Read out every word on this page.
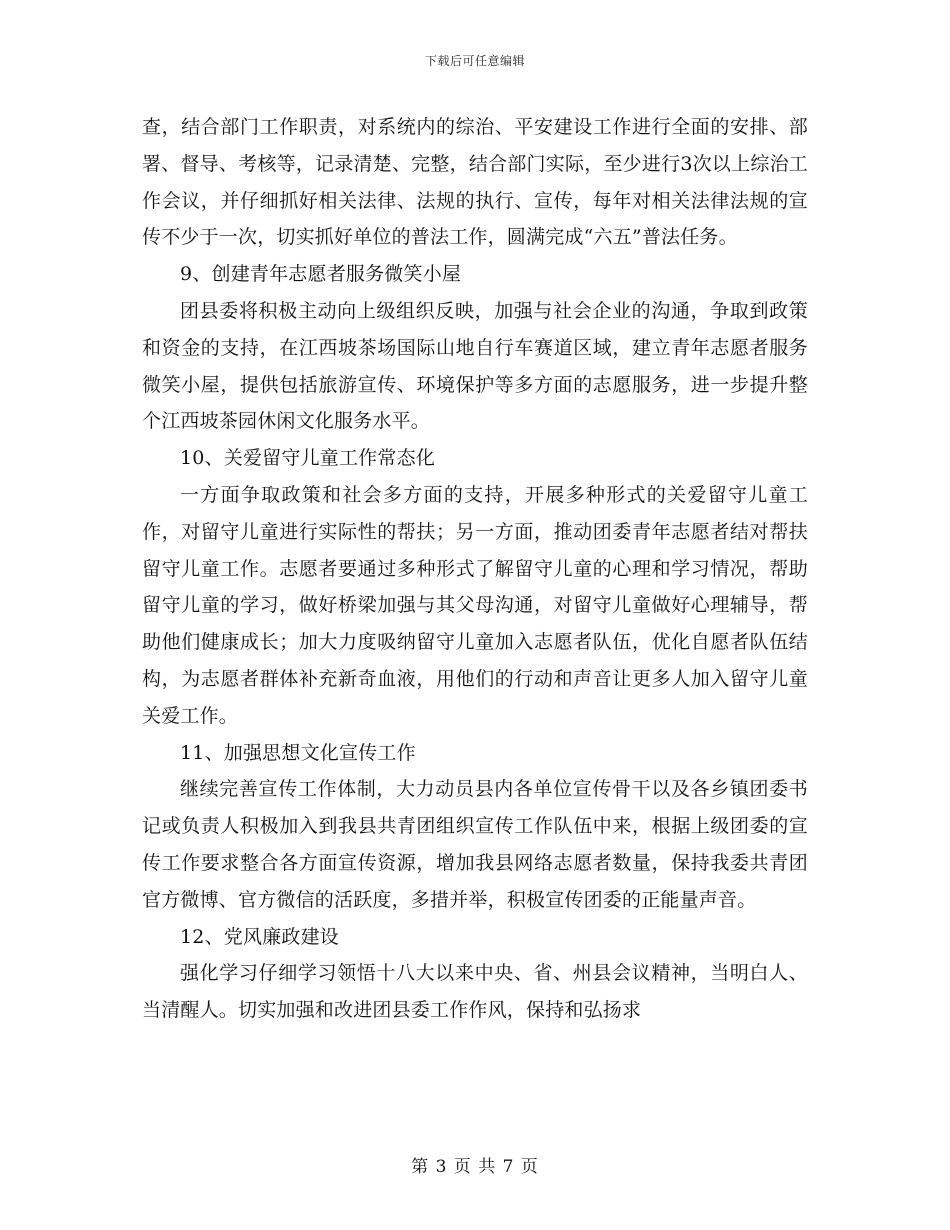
下载后可任意编辑

查，结合部门工作职责，对系统内的综治、平安建设工作进行全面的安排、部署、督导、考核等，记录清楚、完整，结合部门实际，至少进行3次以上综治工作会议，并仔细抓好相关法律、法规的执行、宣传，每年对相关法律法规的宣传不少于一次，切实抓好单位的普法工作，圆满完成“六五”普法任务。

9、创建青年志愿者服务微笑小屋

团县委将积极主动向上级组织反映，加强与社会企业的沟通，争取到政策和资金的支持，在江西坡茶场国际山地自行车赛道区域，建立青年志愿者服务微笑小屋，提供包括旅游宣传、环境保护等多方面的志愿服务，进一步提升整个江西坡茶园休闲文化服务水平。

10、关爱留守儿童工作常态化

一方面争取政策和社会多方面的支持，开展多种形式的关爱留守儿童工作，对留守儿童进行实际性的帮扶；另一方面，推动团委青年志愿者结对帮扶留守儿童工作。志愿者要通过多种形式了解留守儿童的心理和学习情况，帮助留守儿童的学习，做好桥梁加强与其父母沟通，对留守儿童做好心理辅导，帮助他们健康成长；加大力度吸纳留守儿童加入志愿者队伍，优化自愿者队伍结构，为志愿者群体补充新奇血液，用他们的行动和声音让更多人加入留守儿童关爱工作。

11、加强思想文化宣传工作

继续完善宣传工作体制，大力动员县内各单位宣传骨干以及各乡镇团委书记或负责人积极加入到我县共青团组织宣传工作队伍中来，根据上级团委的宣传工作要求整合各方面宣传资源，增加我县网络志愿者数量，保持我委共青团官方微博、官方微信的活跃度，多措并举，积极宣传团委的正能量声音。

12、党风廉政建设

强化学习仔细学习领悟十八大以来中央、省、州县会议精神，当明白人、当清醒人。切实加强和改进团县委工作作风，保持和弘扬求

第 3 页 共 7 页
